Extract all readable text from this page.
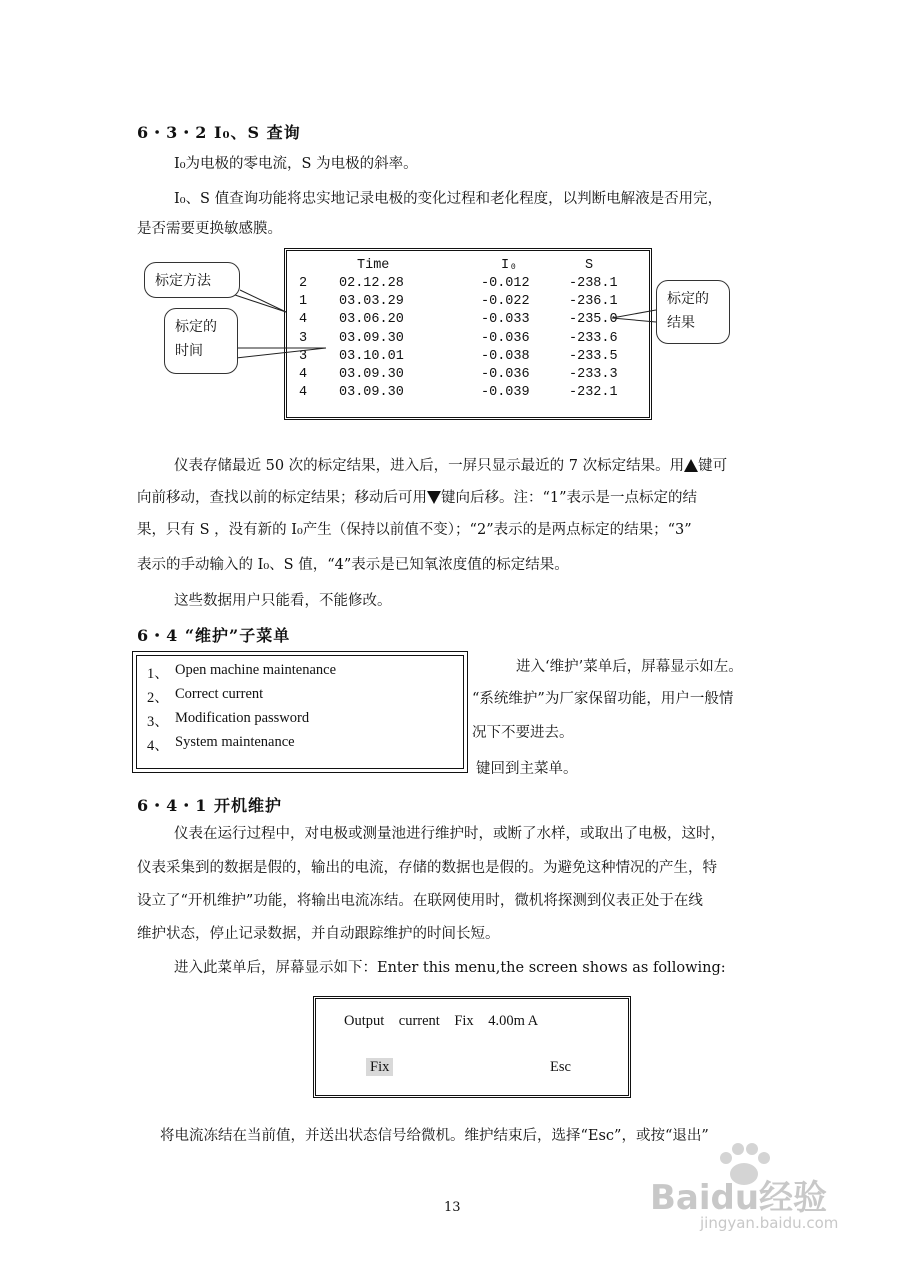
6・3・2 I₀、S 查询
I₀为电极的零电流，S 为电极的斜率。
I₀、S 值查询功能将忠实地记录电极的变化过程和老化程度，以判断电解液是否用完，
是否需要更换敏感膜。
Time	I₀	S
2 02.12.28	-0.012	-238.1
1 03.03.29	-0.022	-236.1
4 03.06.20	-0.033	-235.0
3 03.09.30	-0.036	-233.6
3 03.10.01	-0.038	-233.5
4 03.09.30	-0.036	-233.3
4 03.09.30	-0.039	-232.1
标定方法
标定的
时间
标定的
结果
仪表存储最近 50 次的标定结果，进入后，一屏只显示最近的 7 次标定结果。用 键可
向前移动，查找以前的标定结果；移动后可用 键向后移。注：“1”表示是一点标定的结
果，只有 S ，没有新的 I₀产生（保持以前值不变）；“2”表示的是两点标定的结果；“3”
表示的手动输入的 I₀、S 值，“4”表示是已知氧浓度值的标定结果。
这些数据用户只能看，不能修改。
6・4 “维护”子菜单
1、 Open machine maintenance
2、 Correct current
3、 Modification password
4、 System maintenance
进入‘维护’菜单后，屏幕显示如左。
“系统维护”为厂家保留功能，用户一般情
况下不要进去。
键回到主菜单。
6・4・1 开机维护
仪表在运行过程中，对电极或测量池进行维护时，或断了水样，或取出了电极，这时，
仪表采集到的数据是假的，输出的电流，存储的数据也是假的。为避免这种情况的产生，特
设立了“开机维护”功能，将输出电流冻结。在联网使用时，微机将探测到仪表正处于在线
维护状态，停止记录数据，并自动跟踪维护的时间长短。
进入此菜单后，屏幕显示如下：Enter this menu,the screen shows as following:
Output current Fix 4.00m A
Fix	Esc
将电流冻结在当前值，并送出状态信号给微机。维护结束后，选择“Esc”，或按“退出”
13	Baidu经验
jingyan.baidu.com
